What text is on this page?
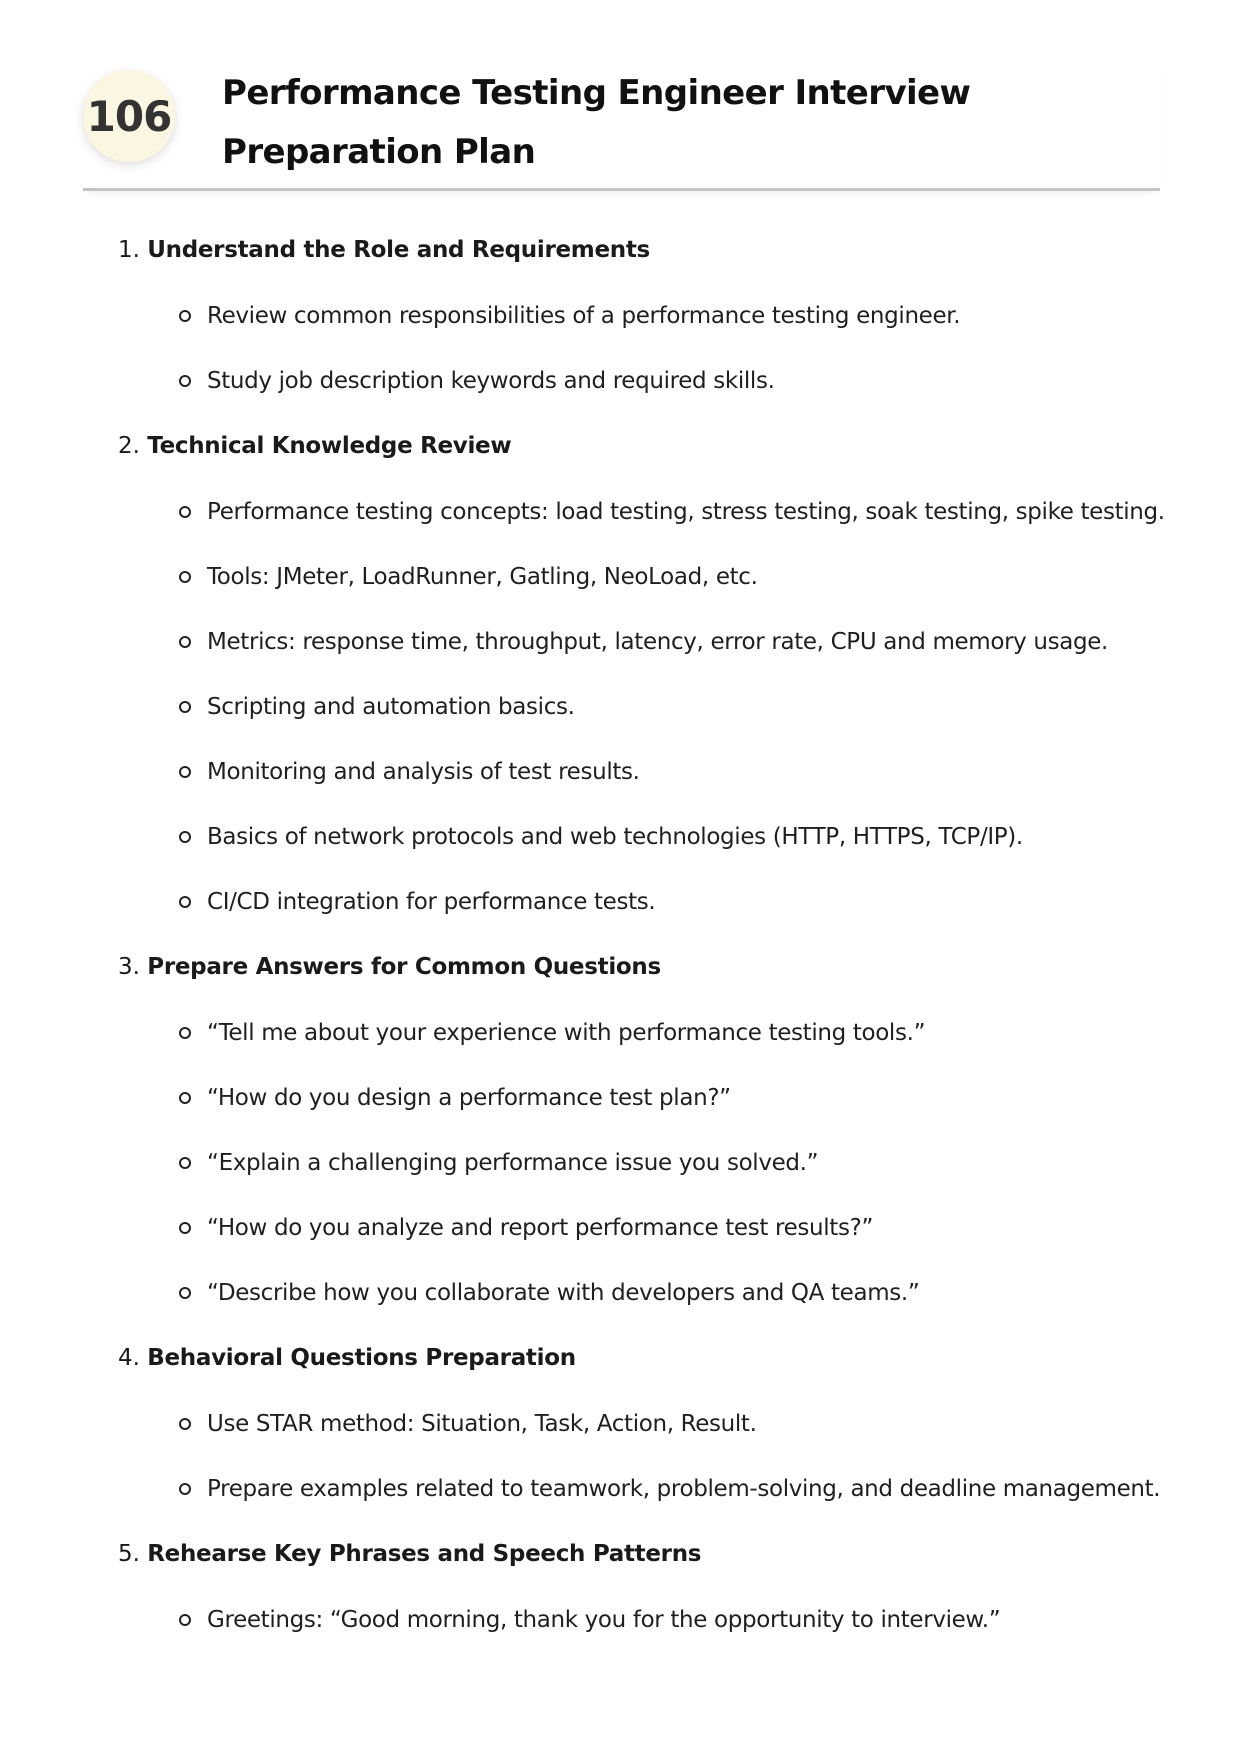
106 Performance Testing Engineer Interview Preparation Plan
1. Understand the Role and Requirements
Review common responsibilities of a performance testing engineer.
Study job description keywords and required skills.
2. Technical Knowledge Review
Performance testing concepts: load testing, stress testing, soak testing, spike testing.
Tools: JMeter, LoadRunner, Gatling, NeoLoad, etc.
Metrics: response time, throughput, latency, error rate, CPU and memory usage.
Scripting and automation basics.
Monitoring and analysis of test results.
Basics of network protocols and web technologies (HTTP, HTTPS, TCP/IP).
CI/CD integration for performance tests.
3. Prepare Answers for Common Questions
“Tell me about your experience with performance testing tools.”
“How do you design a performance test plan?”
“Explain a challenging performance issue you solved.”
“How do you analyze and report performance test results?”
“Describe how you collaborate with developers and QA teams.”
4. Behavioral Questions Preparation
Use STAR method: Situation, Task, Action, Result.
Prepare examples related to teamwork, problem-solving, and deadline management.
5. Rehearse Key Phrases and Speech Patterns
Greetings: “Good morning, thank you for the opportunity to interview.”
